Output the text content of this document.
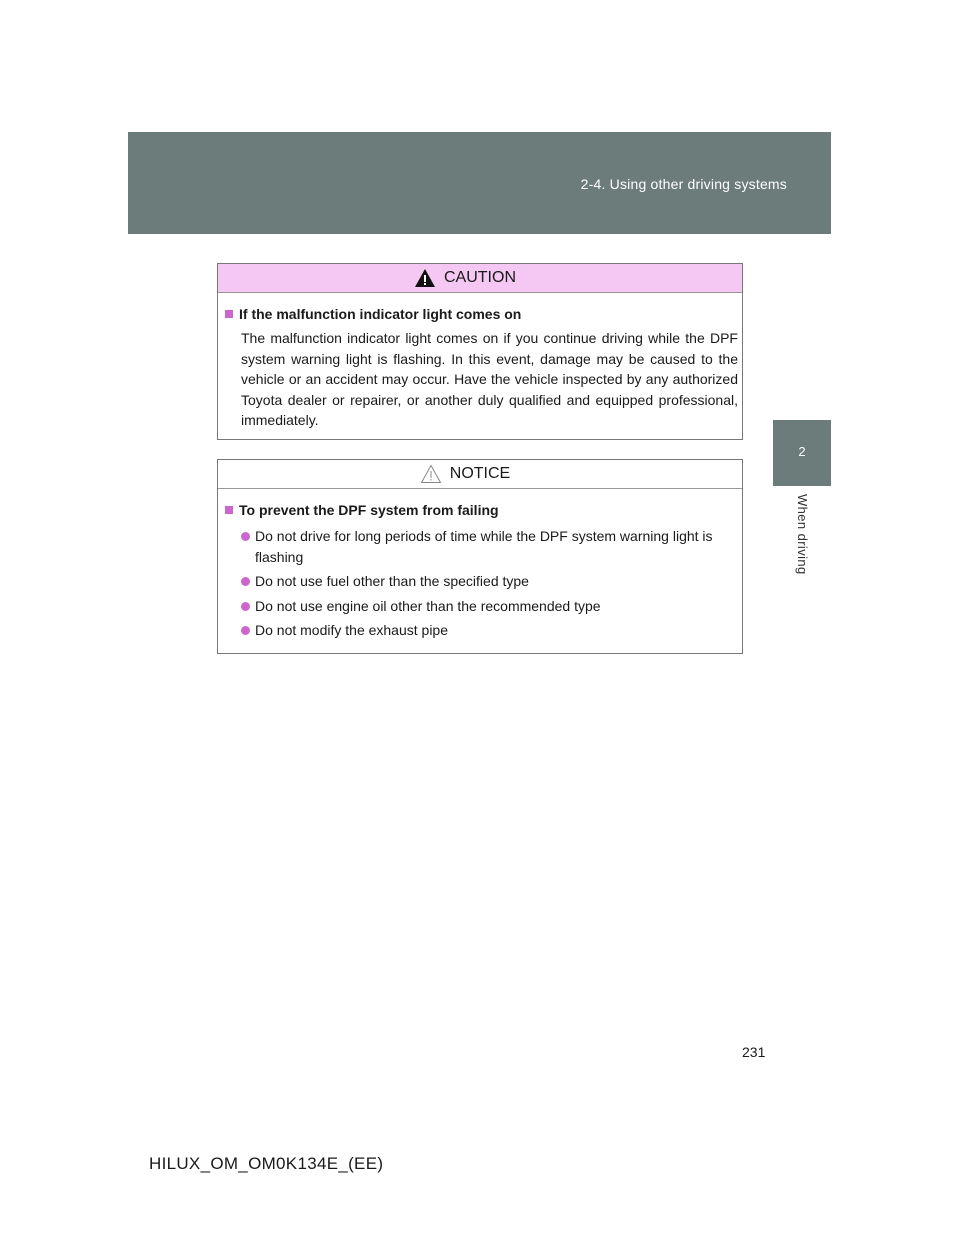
2-4. Using other driving systems
2
When driving
CAUTION
If the malfunction indicator light comes on

The malfunction indicator light comes on if you continue driving while the DPF system warning light is flashing. In this event, damage may be caused to the vehicle or an accident may occur. Have the vehicle inspected by any authorized Toyota dealer or repairer, or another duly qualified and equipped professional, immediately.

NOTICE
To prevent the DPF system from failing
Do not drive for long periods of time while the DPF system warning light is flashing
Do not use fuel other than the specified type
Do not use engine oil other than the recommended type
Do not modify the exhaust pipe
231
HILUX_OM_OM0K134E_(EE)
